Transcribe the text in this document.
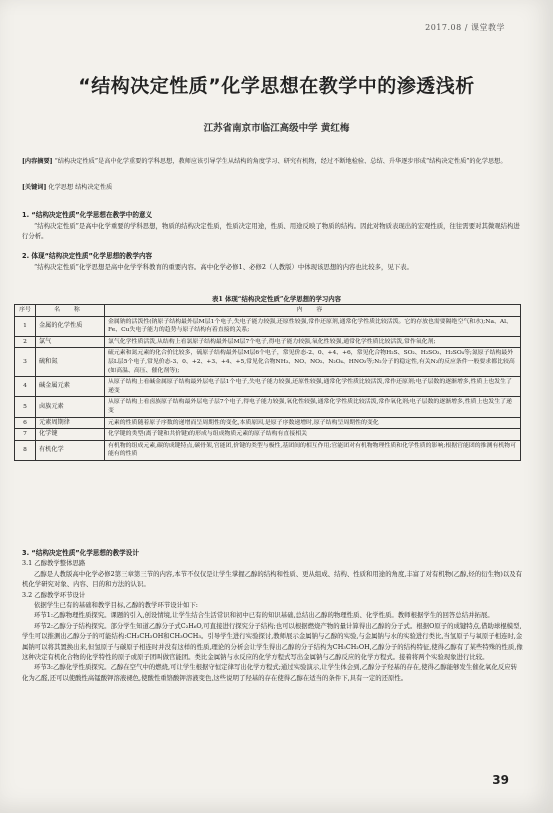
2017.08 / 课堂教学
“结构决定性质”化学思想在教学中的渗透浅析
江苏省南京市临江高级中学 黄红梅
[内容摘要] “结构决定性质”是高中化学重要的学科思想，教师应该引导学生从结构的角度学习、研究有机物，经过不断地检验、总结、升华逐步形成“结构决定性质”的化学思想。
[关键词] 化学思想 结构决定性质
1. “结构决定性质”化学思想在教学中的意义

“结构决定性质”是高中化学重要的学科思想，物质的结构决定性质，性质决定用途，性质、用途反映了物质的结构。因此对物质表现出的宏观性质，往往需要对其微观结构进行分析。

2. 体现“结构决定性质”化学思想的教学内容

“结构决定性质”化学思想是高中化学学科教育的重要内容。高中化学必修1、必修2（人教版）中体现该思想的内容也比较多，见下表。

表1 体现“结构决定性质”化学思想的学习内容
序号	名 称	内 容
1	金属的化学性质	金属钠的活泼性(钠原子结构最外层M层1个电子,失电子能力较强,还原性较强,常作还原剂,通常化学性质比较活泼。它的存放也需要隔绝空气和水);Na、Al、Fe、Cu失电子能力的趋势与原子结构有着直接的关系;
2	氯气	氯气化学性质活泼,从结构上看氯原子结构最外层M层7个电子,得电子能力较强,氧化性较强,通常化学性质比较活泼,常作氧化剂;
3	硫和氮	硫元素和氮元素的化合价比较多，硫原子结构最外层M层6个电子，常见价态-2、0、+4、+6，常见化合物H₂S、SO₂、H₂SO₃、H₂SO₄等;氮原子结构最外层L层5个电子,常见价态-3、0、+2、+3、+4、+5,常见化合物NH₃、NO、NO₂、N₂O₄、HNO₃等;N₂分子的稳定性,有关N₂的反应条件一般要求都比较高(如高温、高压、催化剂等);
4	碱金属元素	从原子结构上看碱金属原子结构最外层电子层1个电子,失电子能力较强,还原性较强,通常化学性质比较活泼,常作还原剂;电子层数的逐渐增多,性质上也发生了递变
5	卤族元素	从原子结构上看卤族原子结构最外层电子层7个电子,得电子能力较强,氧化性较强,通常化学性质比较活泼,常作氧化剂;电子层数的逐渐增多,性质上也发生了递变
6	元素周期律	元素的性质随着原子序数的递增而呈周期性的变化,本质原因,是原子序数递增时,原子结构呈周期性的变化
7	化学键	化学键的类型(离子键和共价键)的形成与组成物质元素的原子结构有直接相关
8	有机化学	有机物的组成元素,碳的成键特点,碳骨架,官能团,价键的类型与极性,基团间的相互作用;官能团对有机物物理性质和化学性质的影响;根据官能团的推测有机物可能有的性质
3. “结构决定性质”化学思想的教学设计

3.1 乙醇教学整体思路

乙醇是人教版高中化学必修2第三章第三节的内容,本节不仅仅是让学生掌握乙醇的结构和性质、更从组成、结构、性质和用途的角度,丰富了对有机物(乙醇,烃的衍生物)以及有机化学研究对象、内容、目的和方法的认识。

3.2 乙醇教学环节设计

依据学生已有的基础和教学目标,乙醇的教学环节设计如下:

环节1:乙醇物理性质探究。课题的引入,创设情境,让学生结合生活常识和初中已有的知识基础,总结出乙醇的物理性质、化学性质。教师根据学生的回答总结并拓展。

环节2:乙醇分子结构探究。部分学生知道乙醇分子式C₂H₆O,可直接进行探究分子结构;也可以根据燃烧产物的量计算得出乙醇的分子式。根据O原子的成键特点,借助球棍模型,学生可以推测出乙醇分子的可能结构:CH₃CH₂OH和CH₃OCH₃。引导学生进行实验探讨,教师展示金属钠与乙醇的实验,与金属钠与水的实验进行类比,当氢原子与氧原子相连时,金属钠可以将其置换出来,但氢原子与碳原子相连时并没有这样的性质,理论的分析会让学生得出乙醇的分子结构为CH₃CH₂OH,乙醇分子的结构特征,使得乙醇有了某些特殊的性质,像这种决定有机化合物的化学特性的原子或原子团叫做官能团。类比金属钠与水反应的化学方程式写出金属钠与乙醇反应的化学方程式。接着将两个实验现象进行比较。

环节3:乙醇化学性质探究。乙醇在空气中的燃烧,可让学生根据守恒定律写出化学方程式;通过实验演示,让学生体会到,乙醇分子羟基的存在,使得乙醇能够发生催化氧化反应转化为乙醛,还可以使酸性高锰酸钾溶液褪色,使酸性重铬酸钾溶液变色,这些说明了羟基的存在使得乙醇在适当的条件下,具有一定的还原性。

39
